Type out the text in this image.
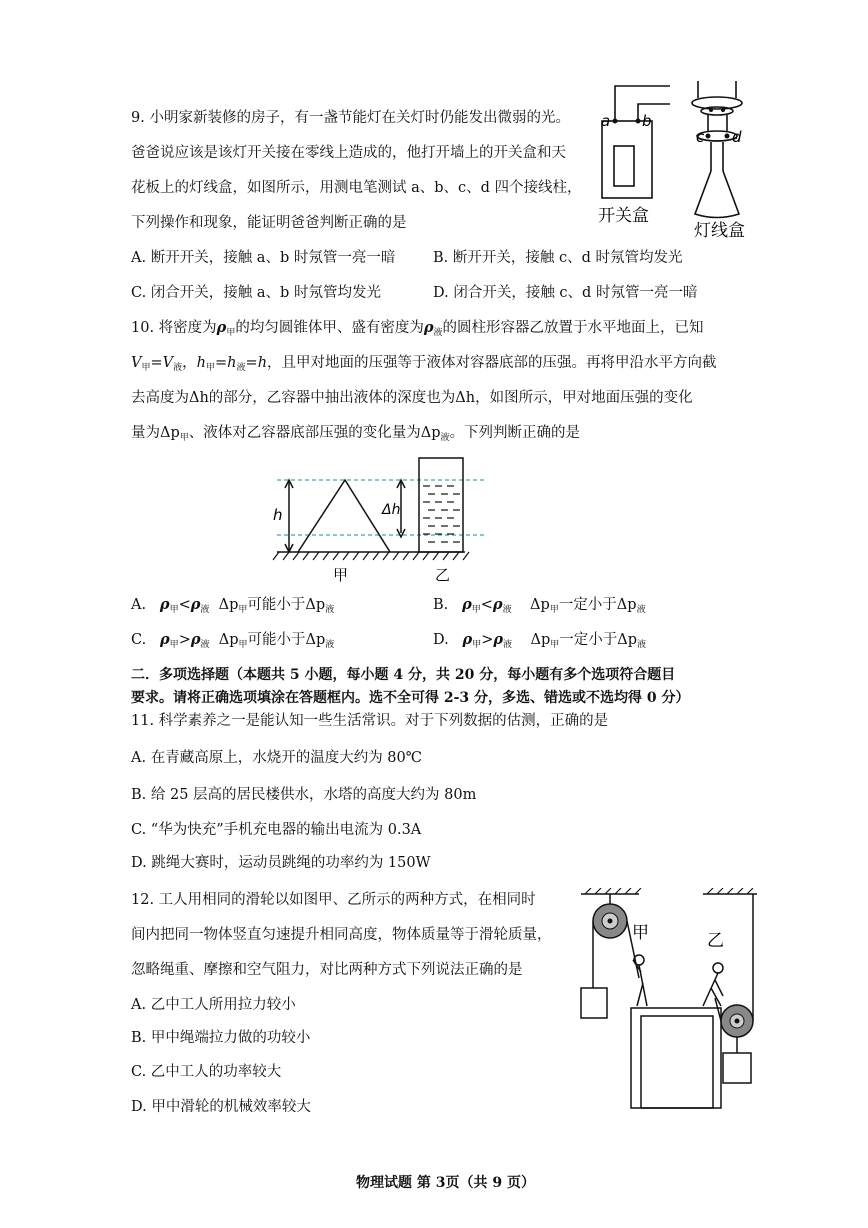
9. 小明家新装修的房子，有一盏节能灯在关灯时仍能发出微弱的光。
爸爸说应该是该灯开关接在零线上造成的，他打开墙上的开关盒和天
花板上的灯线盒，如图所示，用测电笔测试 a、b、c、d 四个接线柱，
下列操作和现象，能证明爸爸判断正确的是
A. 断开开关，接触 a、b 时氖管一亮一暗	B. 断开开关，接触 c、d 时氖管均发光
C. 闭合开关，接触 a、b 时氖管均发光	D. 闭合开关，接触 c、d 时氖管一亮一暗
a b
c d
开关盒
灯线盒
10. 将密度为$\rho_甲$的均匀圆锥体甲、盛有密度为$\rho_液$的圆柱形容器乙放置于水平地面上，已知
$V_甲=V_液$，$h_甲=h_液=h$，且甲对地面的压强等于液体对容器底部的压强。再将甲沿水平方向截
去高度为Δh的部分，乙容器中抽出液体的深度也为Δh，如图所示，甲对地面压强的变化
量为$\Delta p_甲$、液体对乙容器底部压强的变化量为$\Delta p_液$。下列判断正确的是
h	Δh
甲	乙
A. $\rho_甲<\rho_液$ $\Delta p_甲$可能小于$\Delta p_液$	B. $\rho_甲<\rho_液$ $\Delta p_甲$一定小于$\Delta p_液$
C. $\rho_甲>\rho_液$ $\Delta p_甲$可能小于$\Delta p_液$	D. $\rho_甲>\rho_液$ $\Delta p_甲$一定小于$\Delta p_液$
二．多项选择题（本题共 5 小题，每小题 4 分，共 20 分，每小题有多个选项符合题目
要求。请将正确选项填涂在答题框内。选不全可得 2-3 分，多选、错选或不选均得 0 分）
11. 科学素养之一是能认知一些生活常识。对于下列数据的估测，正确的是
A. 在青藏高原上，水烧开的温度大约为 80℃
B. 给 25 层高的居民楼供水，水塔的高度大约为 80m
C. “华为快充”手机充电器的输出电流为 0.3A
D. 跳绳大赛时，运动员跳绳的功率约为 150W
12. 工人用相同的滑轮以如图甲、乙所示的两种方式，在相同时
间内把同一物体竖直匀速提升相同高度，物体质量等于滑轮质量，
忽略绳重、摩擦和空气阻力，对比两种方式下列说法正确的是
A. 乙中工人所用拉力较小
B. 甲中绳端拉力做的功较小
C. 乙中工人的功率较大
D. 甲中滑轮的机械效率较大
甲	乙
物理试题 第 3页（共 9 页）
